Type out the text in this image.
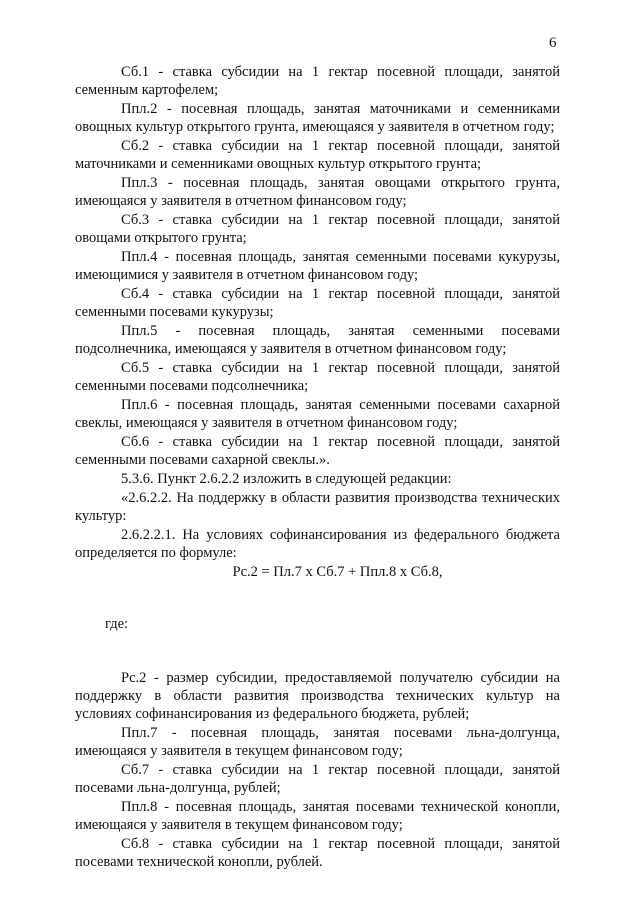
6

Сб.1 - ставка субсидии на 1 гектар посевной площади, занятой семенным картофелем;

Ппл.2 - посевная площадь, занятая маточниками и семенниками овощных культур открытого грунта, имеющаяся у заявителя в отчетном году;

Сб.2 - ставка субсидии на 1 гектар посевной площади, занятой маточниками и семенниками овощных культур открытого грунта;

Ппл.3 - посевная площадь, занятая овощами открытого грунта, имеющаяся у заявителя в отчетном финансовом году;

Сб.3 - ставка субсидии на 1 гектар посевной площади, занятой овощами открытого грунта;

Ппл.4 - посевная площадь, занятая семенными посевами кукурузы, имеющимися у заявителя в отчетном финансовом году;

Сб.4 - ставка субсидии на 1 гектар посевной площади, занятой семенными посевами кукурузы;

Ппл.5 - посевная площадь, занятая семенными посевами подсолнечника, имеющаяся у заявителя в отчетном финансовом году;

Сб.5 - ставка субсидии на 1 гектар посевной площади, занятой семенными посевами подсолнечника;

Ппл.6 - посевная площадь, занятая семенными посевами сахарной свеклы, имеющаяся у заявителя в отчетном финансовом году;

Сб.6 - ставка субсидии на 1 гектар посевной площади, занятой семенными посевами сахарной свеклы.».

5.3.6. Пункт 2.6.2.2 изложить в следующей редакции:

«2.6.2.2. На поддержку в области развития производства технических культур:

2.6.2.2.1. На условиях софинансирования из федерального бюджета определяется по формуле:

Рс.2 = Пл.7 х Сб.7 + Ппл.8 х Сб.8,

где:

Рс.2 - размер субсидии, предоставляемой получателю субсидии на поддержку в области развития производства технических культур на условиях софинансирования из федерального бюджета, рублей;

Ппл.7 - посевная площадь, занятая посевами льна-долгунца, имеющаяся у заявителя в текущем финансовом году;

Сб.7 - ставка субсидии на 1 гектар посевной площади, занятой посевами льна-долгунца, рублей;

Ппл.8 - посевная площадь, занятая посевами технической конопли, имеющаяся у заявителя в текущем финансовом году;

Сб.8 - ставка субсидии на 1 гектар посевной площади, занятой посевами технической конопли, рублей.
